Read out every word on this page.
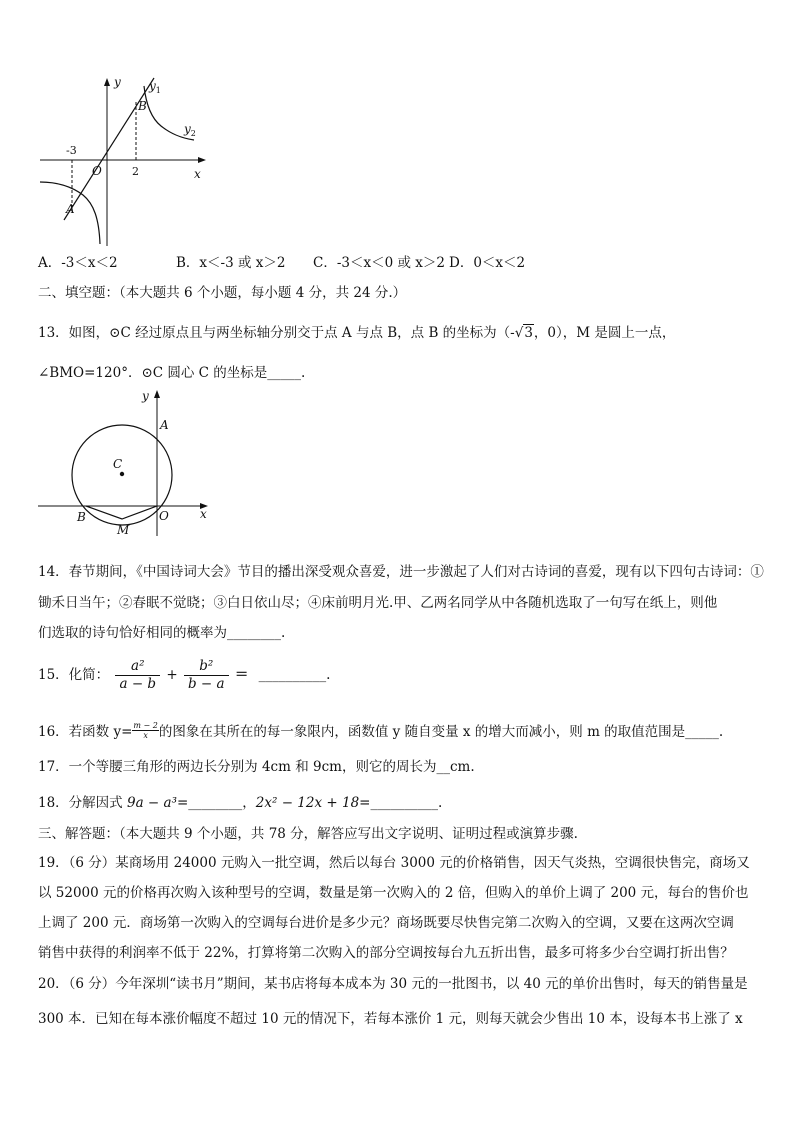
y
x
O
-3
2
A
B
$y_1$
$y_2$
A．-3＜x＜2	B．x＜-3 或 x＞2 C．-3＜x＜0 或 x＞2 D．0＜x＜2
二、填空题：（本大题共 6 个小题，每小题 4 分，共 24 分.）
13．如图，⊙C 经过原点且与两坐标轴分别交于点 A 与点 B，点 B 的坐标为（-√3，0），M 是圆上一点，
∠BMO=120°．⊙C 圆心 C 的坐标是_____.
y
x
A
C
B
M
O
14．春节期间，《中国诗词大会》节目的播出深受观众喜爱，进一步激起了人们对古诗词的喜爱，现有以下四句古诗词：①
锄禾日当午；②春眠不觉晓；③白日依山尽；④床前明月光.甲、乙两名同学从中各随机选取了一句写在纸上，则他
们选取的诗句恰好相同的概率为________.
15．化简： $\frac{\text{a²}}{a - b} + \frac{\text{b²}}{b - a}$ ＝ __________.
16．若函数 $y= \frac{m - 2}{x}$ 的图象在其所在的每一象限内，函数值 y 随自变量 x 的增大而减小，则 m 的取值范围是_____.
17．一个等腰三角形的两边长分别为 4cm 和 9cm，则它的周长为__cm.
18．分解因式 9a − a³=________，2x² − 12x + 18=__________.
三、解答题：（本大题共 9 个小题，共 78 分，解答应写出文字说明、证明过程或演算步骤.
19．（6 分）某商场用 24000 元购入一批空调，然后以每台 3000 元的价格销售，因天气炎热，空调很快售完，商场又
以 52000 元的价格再次购入该种型号的空调，数量是第一次购入的 2 倍，但购入的单价上调了 200 元，每台的售价也
上调了 200 元．商场第一次购入的空调每台进价是多少元？商场既要尽快售完第二次购入的空调，又要在这两次空调
销售中获得的利润率不低于 22%，打算将第二次购入的部分空调按每台九五折出售，最多可将多少台空调打折出售？
20．（6 分）今年深圳“读书月”期间，某书店将每本成本为 30 元的一批图书，以 40 元的单价出售时，每天的销售量是
300 本．已知在每本涨价幅度不超过 10 元的情况下，若每本涨价 1 元，则每天就会少售出 10 本，设每本书上涨了 x
